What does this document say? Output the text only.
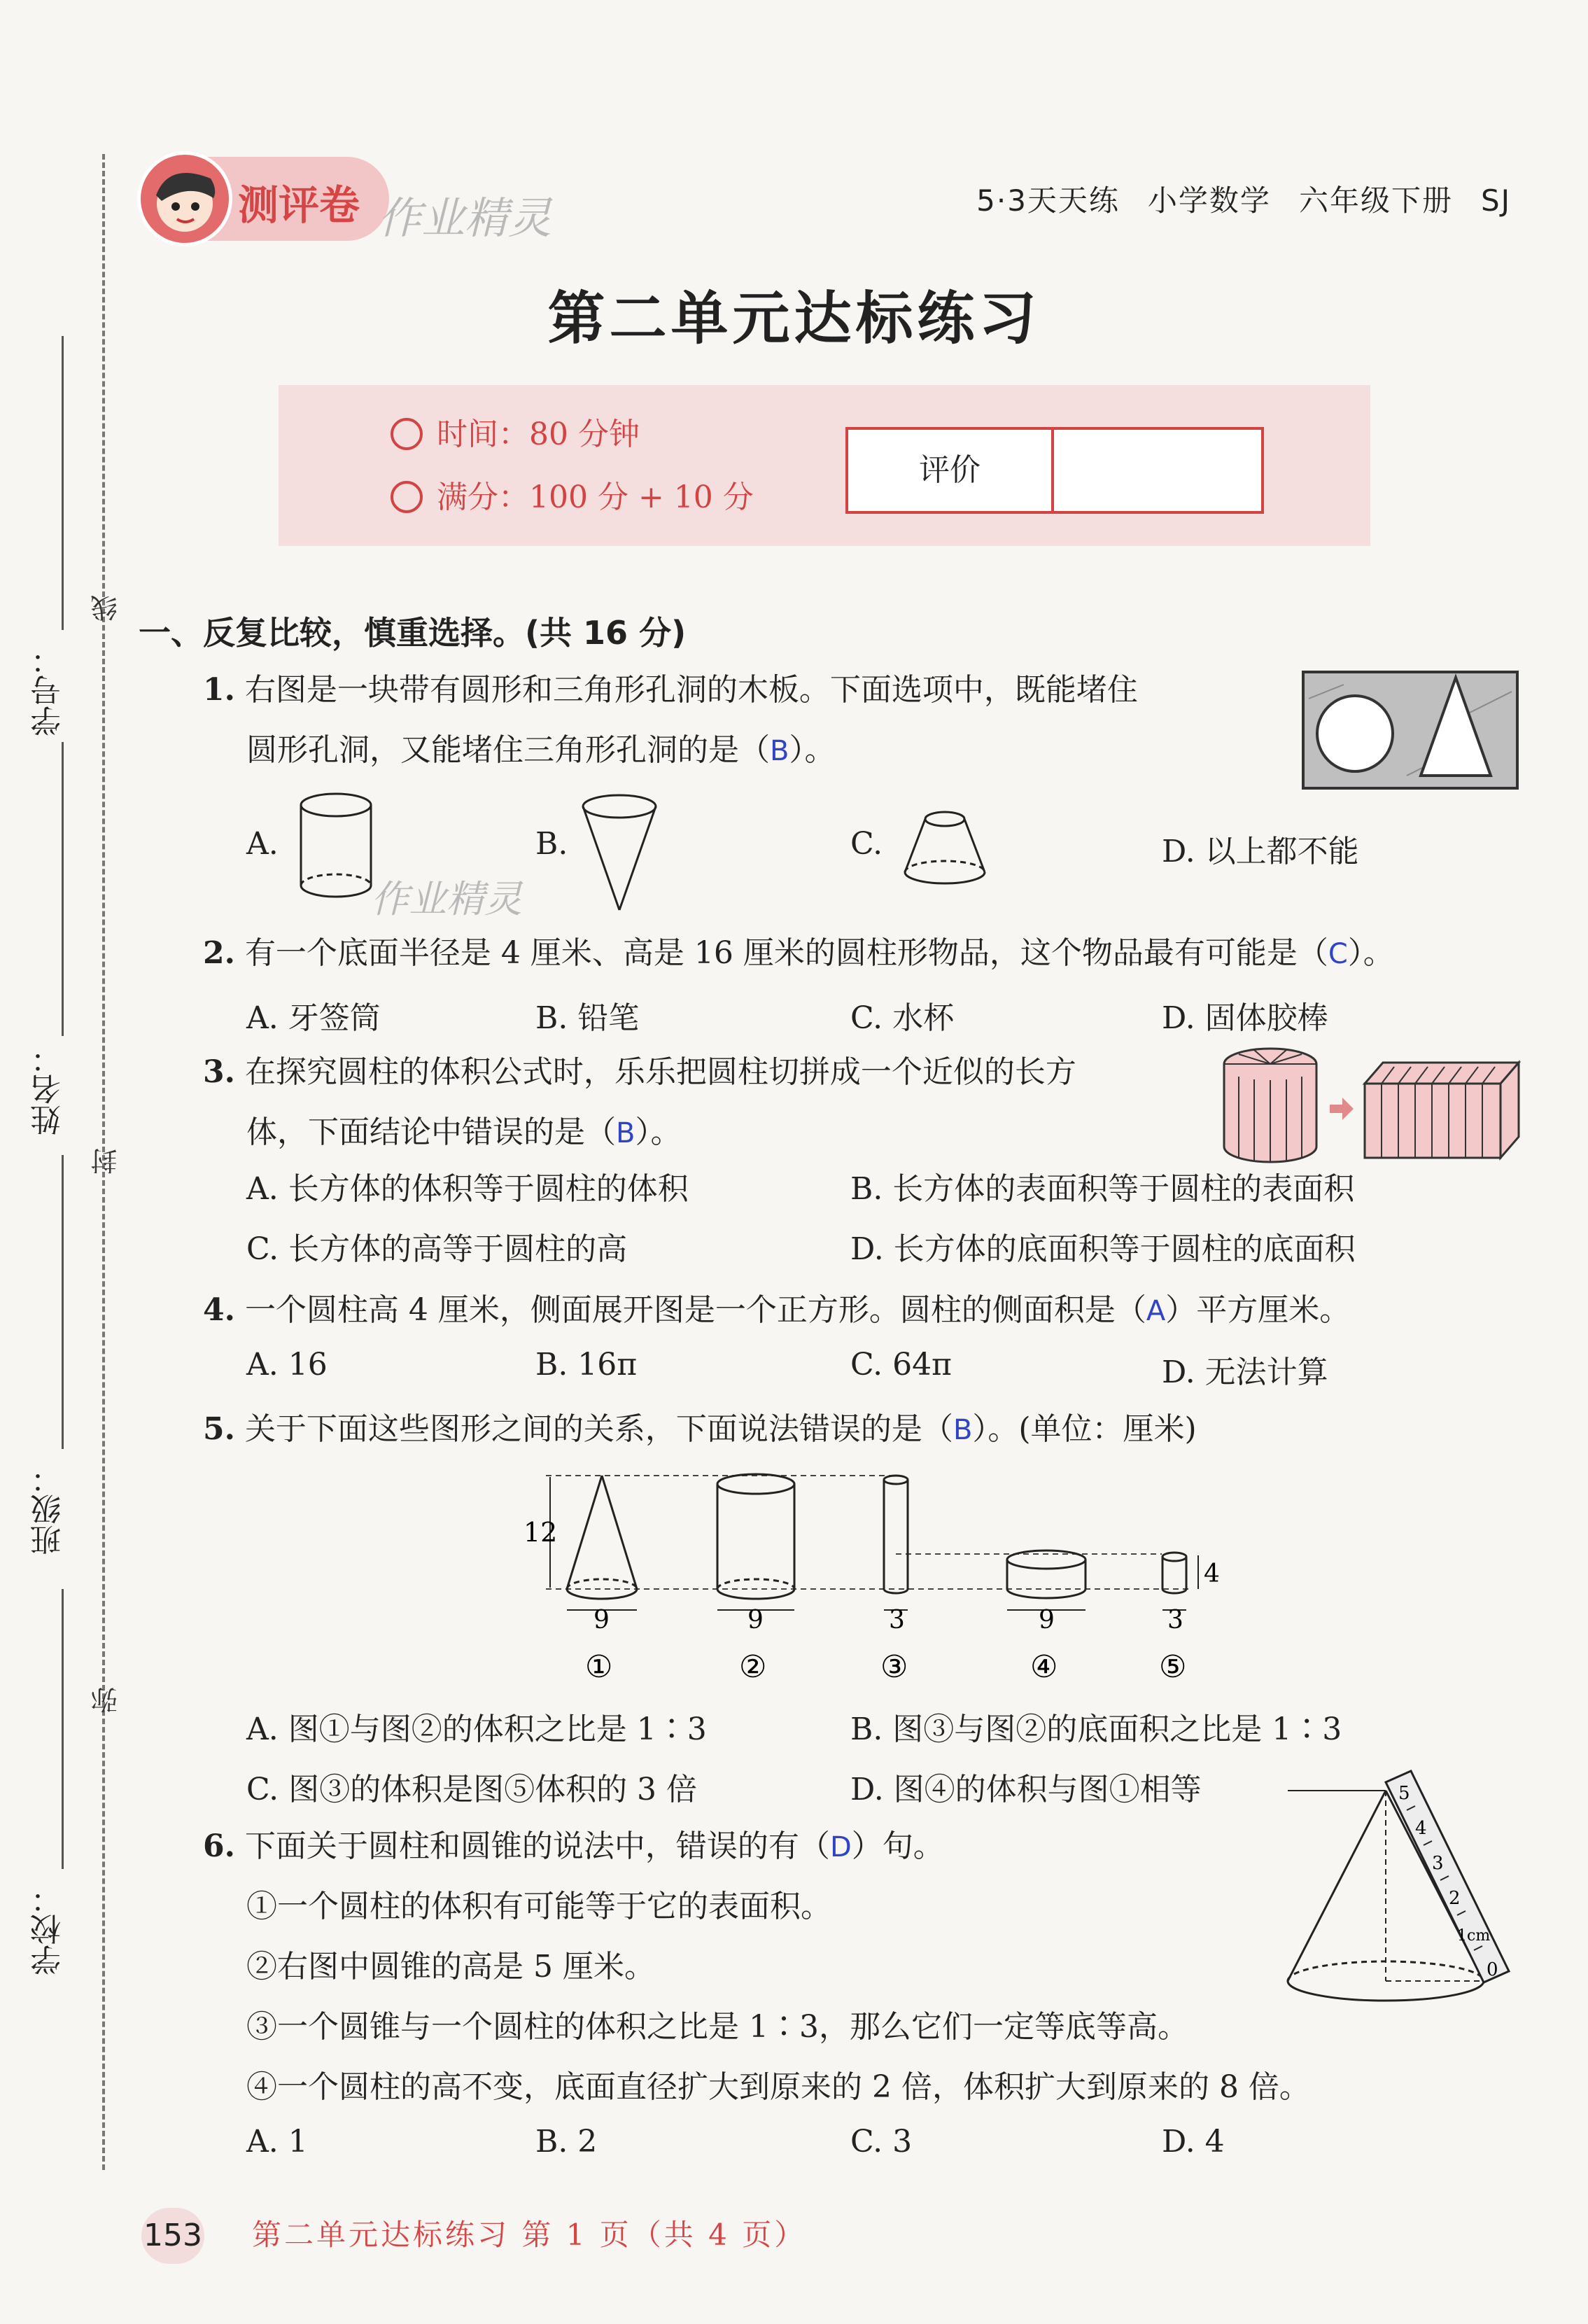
学号：
姓名：
班级：
学校：
线
封
弥
测评卷 作业精灵	5·3天天练 小学数学 六年级下册 SJ
第二单元达标练习
时间：80 分钟
满分：100 分 + 10 分
评价
一、反复比较，慎重选择。(共 16 分)
1. 右图是一块带有圆形和三角形孔洞的木板。下面选项中，既能堵住
圆形孔洞，又能堵住三角形孔洞的是（B）。
A.	B.	C.	D. 以上都不能
作业精灵
2. 有一个底面半径是 4 厘米、高是 16 厘米的圆柱形物品，这个物品最有可能是（C）。
A. 牙签筒	B. 铅笔	C. 水杯	D. 固体胶棒
3. 在探究圆柱的体积公式时，乐乐把圆柱切拼成一个近似的长方
体，下面结论中错误的是（B）。
A. 长方体的体积等于圆柱的体积	B. 长方体的表面积等于圆柱的表面积
C. 长方体的高等于圆柱的高	D. 长方体的底面积等于圆柱的底面积
4. 一个圆柱高 4 厘米，侧面展开图是一个正方形。圆柱的侧面积是（A）平方厘米。
A. 16	B. 16π	C. 64π	D. 无法计算
5. 关于下面这些图形之间的关系，下面说法错误的是（B）。(单位：厘米)
12
4
9	9	3	9	3
①	②	③	④	⑤
A. 图①与图②的体积之比是 1∶3	B. 图③与图②的底面积之比是 1∶3
C. 图③的体积是图⑤体积的 3 倍	D. 图④的体积与图①相等
6. 下面关于圆柱和圆锥的说法中，错误的有（D）句。
①一个圆柱的体积有可能等于它的表面积。
②右图中圆锥的高是 5 厘米。
③一个圆锥与一个圆柱的体积之比是 1∶3，那么它们一定等底等高。
④一个圆柱的高不变，底面直径扩大到原来的 2 倍，体积扩大到原来的 8 倍。
5
4
3
2
1cm
0
A. 1	B. 2	C. 3	D. 4
153 第二单元达标练习 第 1 页（共 4 页）
